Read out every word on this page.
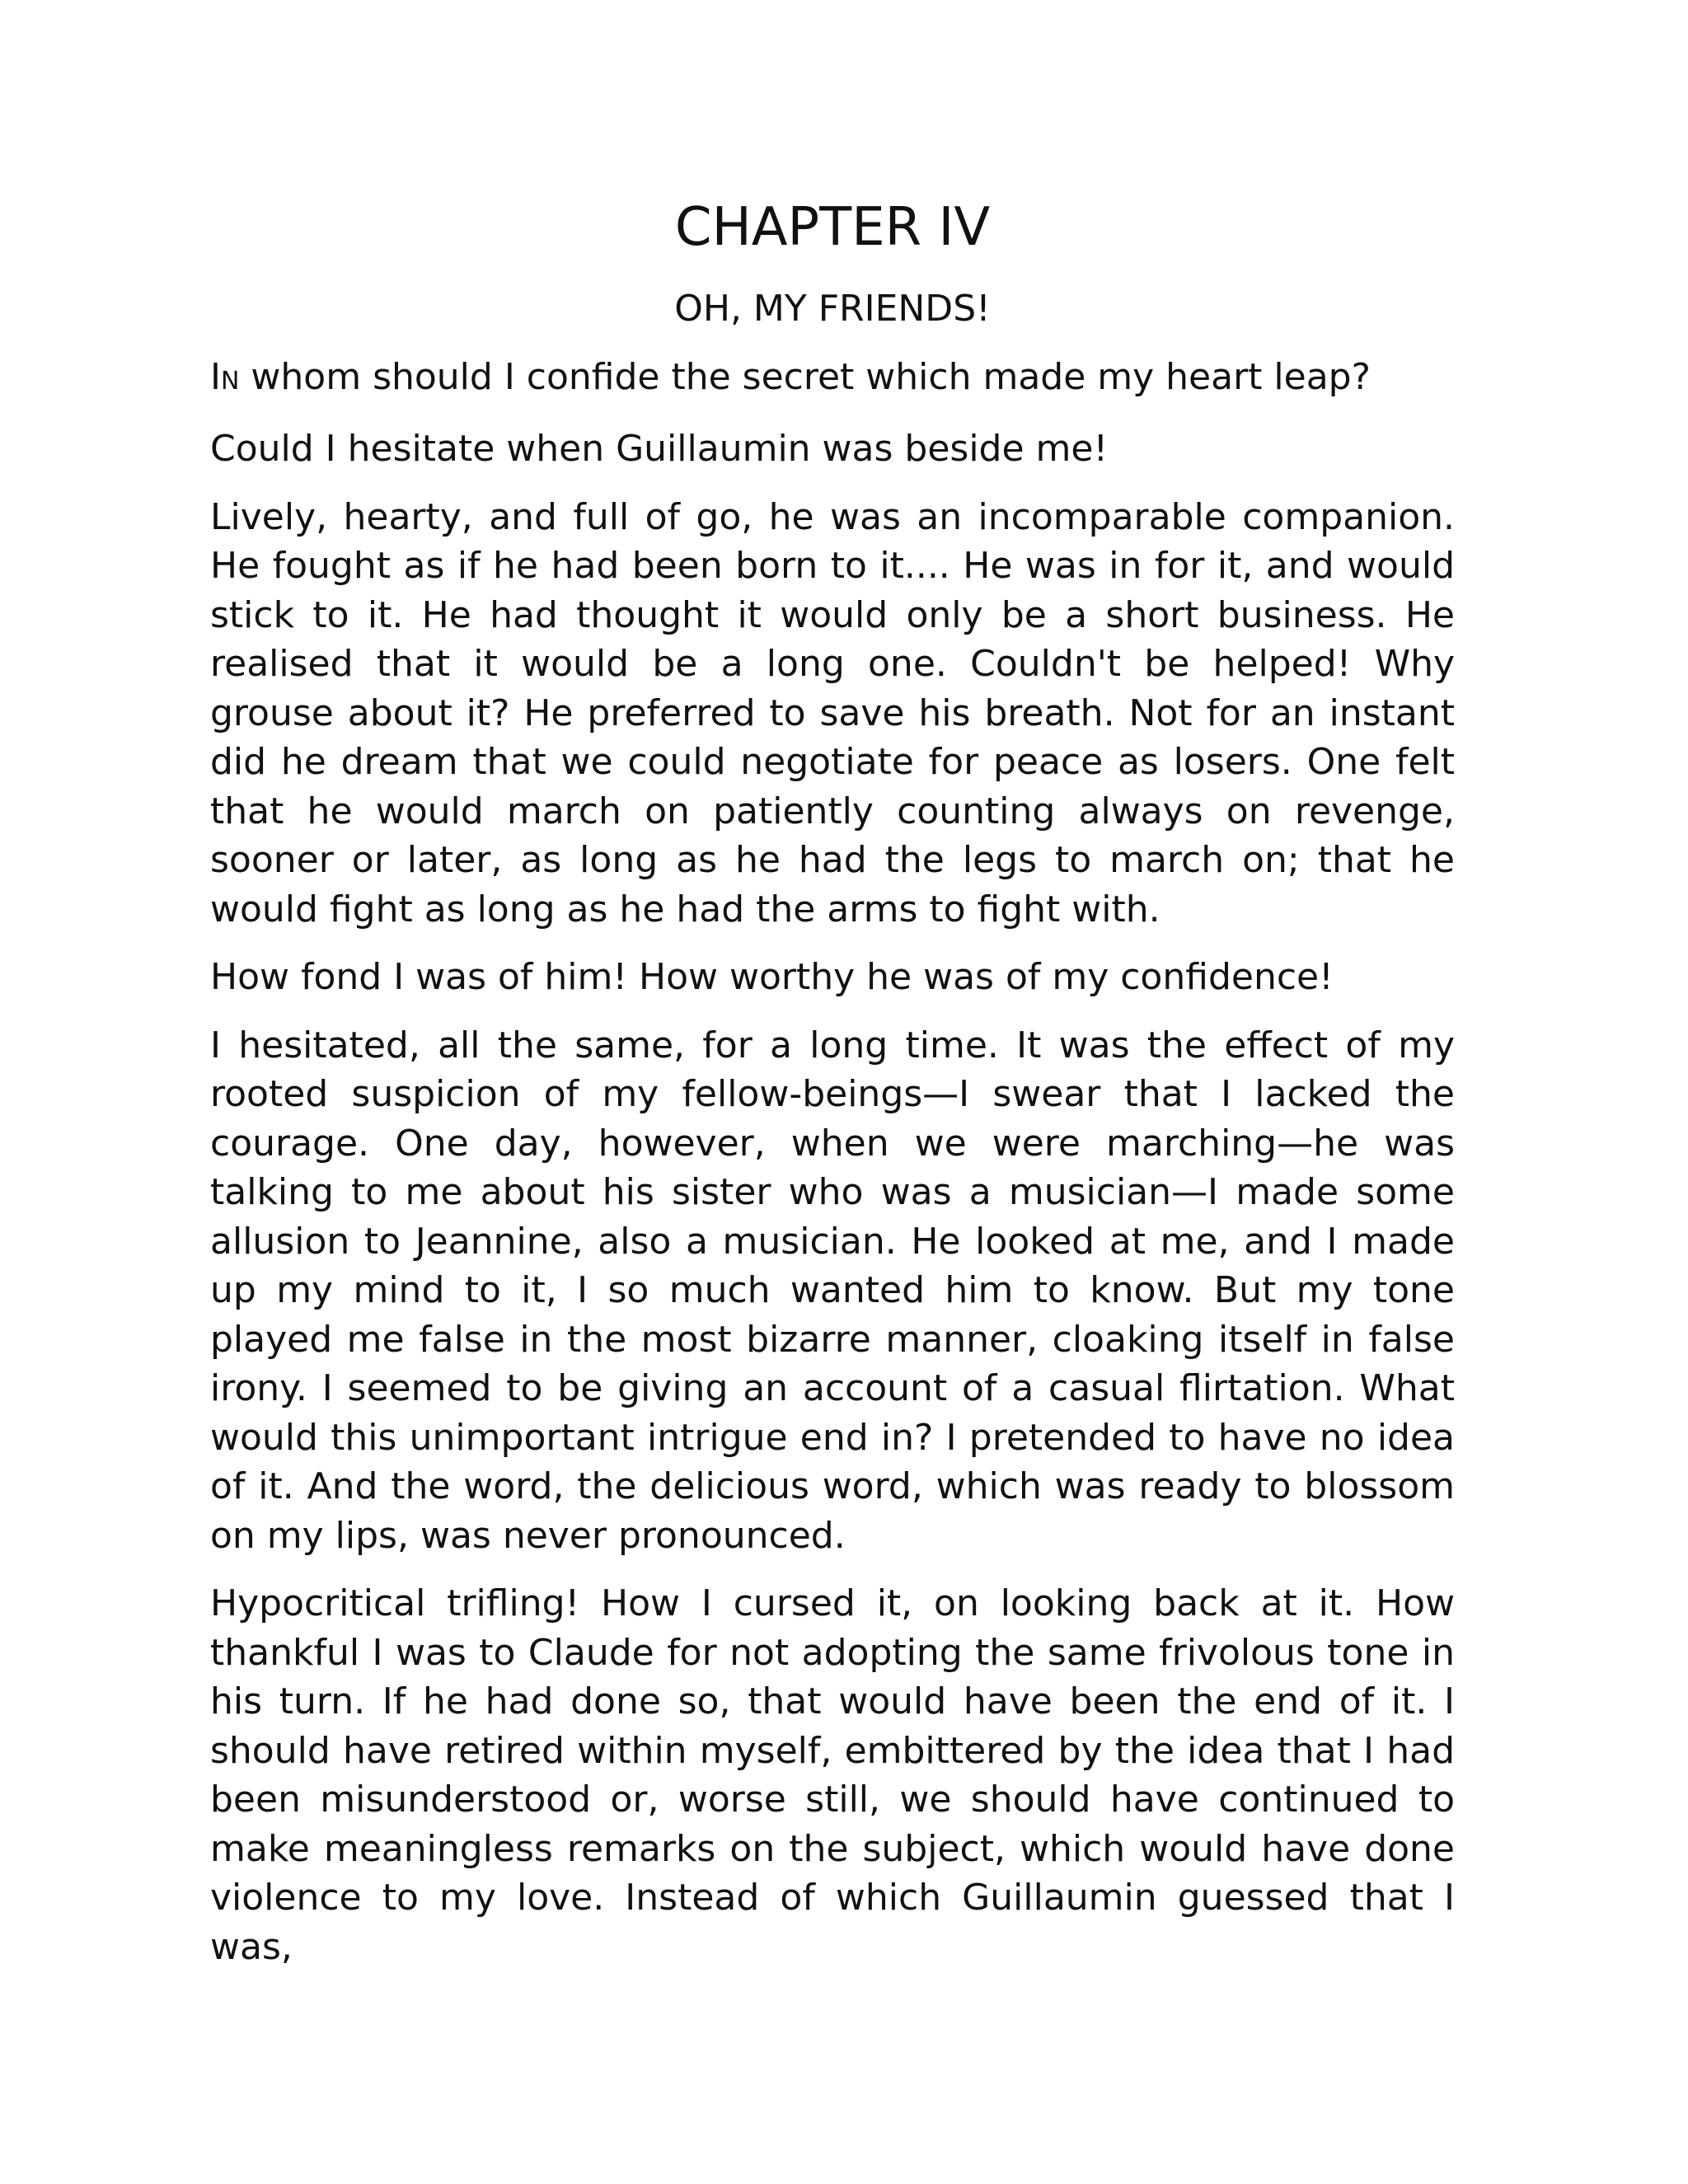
CHAPTER IV
OH, MY FRIENDS!

IN whom should I confide the secret which made my heart leap?

Could I hesitate when Guillaumin was beside me!

Lively, hearty, and full of go, he was an incomparable companion. He fought as if he had been born to it.... He was in for it, and would stick to it. He had thought it would only be a short business. He realised that it would be a long one. Couldn't be helped! Why grouse about it? He preferred to save his breath. Not for an instant did he dream that we could negotiate for peace as losers. One felt that he would march on patiently counting always on revenge, sooner or later, as long as he had the legs to march on; that he would fight as long as he had the arms to fight with.

How fond I was of him! How worthy he was of my confidence!

I hesitated, all the same, for a long time. It was the effect of my rooted suspicion of my fellow-beings—I swear that I lacked the courage. One day, however, when we were marching—he was talking to me about his sister who was a musician—I made some allusion to Jeannine, also a musician. He looked at me, and I made up my mind to it, I so much wanted him to know. But my tone played me false in the most bizarre manner, cloaking itself in false irony. I seemed to be giving an account of a casual flirtation. What would this unimportant intrigue end in? I pretended to have no idea of it. And the word, the delicious word, which was ready to blossom on my lips, was never pronounced.

Hypocritical trifling! How I cursed it, on looking back at it. How thankful I was to Claude for not adopting the same frivolous tone in his turn. If he had done so, that would have been the end of it. I should have retired within myself, embittered by the idea that I had been misunderstood or, worse still, we should have continued to make meaningless remarks on the subject, which would have done violence to my love. Instead of which Guillaumin guessed that I was,
